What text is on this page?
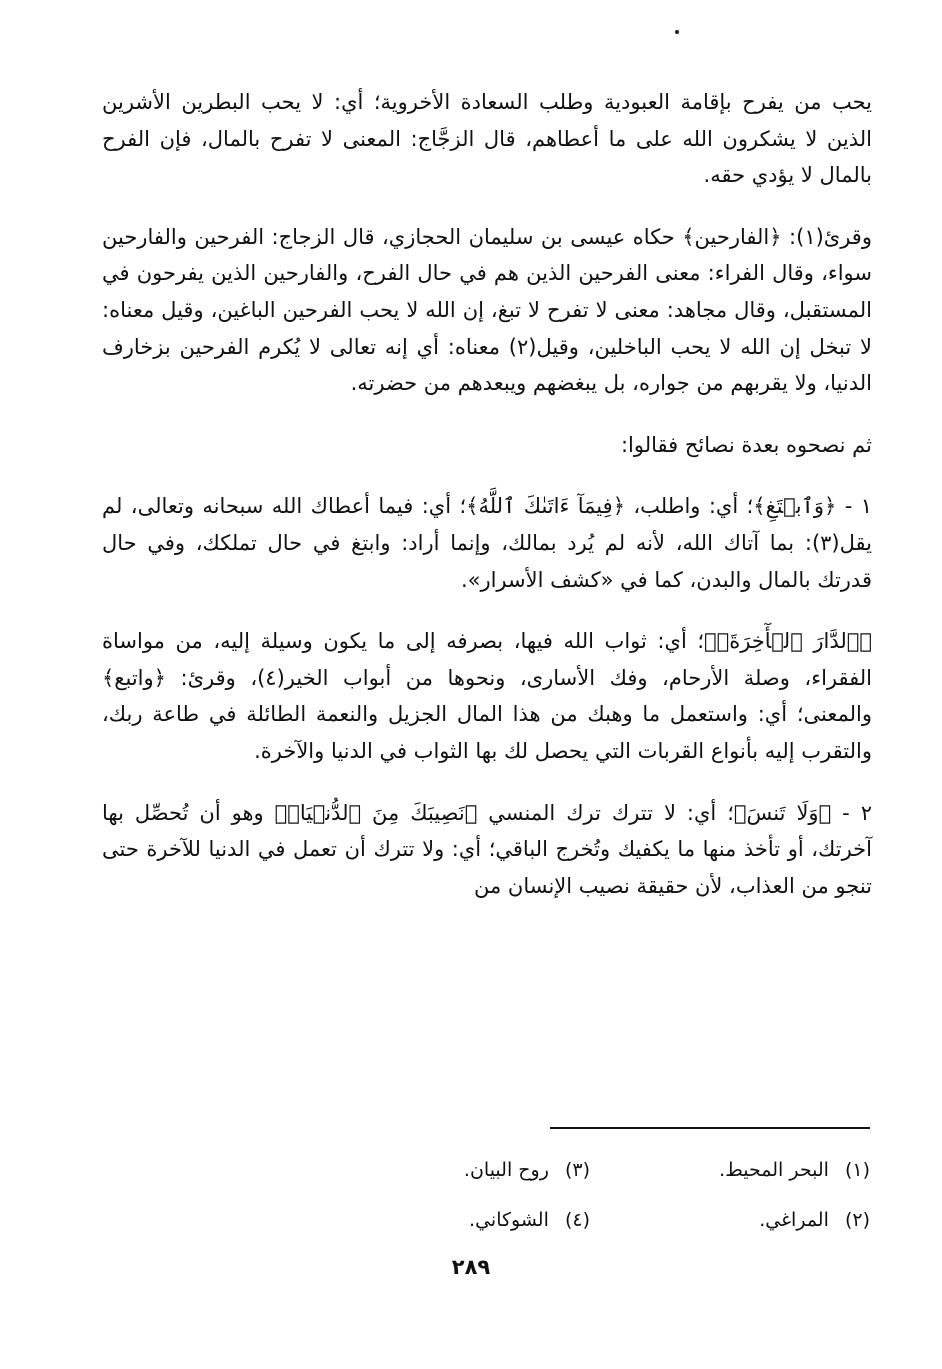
يحب من يفرح بإقامة العبودية وطلب السعادة الأخروية؛ أي: لا يحب البطرين الأشرين الذين لا يشكرون الله على ما أعطاهم، قال الزجَّاج: المعنى لا تفرح بالمال، فإن الفرح بالمال لا يؤدي حقه.

وقرئ(١): ﴿الفارحين﴾ حكاه عيسى بن سليمان الحجازي، قال الزجاج: الفرحين والفارحين سواء، وقال الفراء: معنى الفرحين الذين هم في حال الفرح، والفارحين الذين يفرحون في المستقبل، وقال مجاهد: معنى لا تفرح لا تبغ، إن الله لا يحب الفرحين الباغين، وقيل معناه: لا تبخل إن الله لا يحب الباخلين، وقيل(٢) معناه: أي إنه تعالى لا يُكرم الفرحين بزخارف الدنيا، ولا يقربهم من جواره، بل يبغضهم ويبعدهم من حضرته.

ثم نصحوه بعدة نصائح فقالوا:

١ - ﴿وَٱبۡتَغِ﴾؛ أي: واطلب، ﴿فِيمَآ ءَاتَىٰكَ ٱللَّهُ﴾؛ أي: فيما أعطاك الله سبحانه وتعالى، لم يقل(٣): بما آتاك الله، لأنه لم يُرد بمالك، وإنما أراد: وابتغ في حال تملكك، وفي حال قدرتك بالمال والبدن، كما في «كشف الأسرار».

﴿ٱلدَّارَ ٱلۡأٓخِرَةَۖ﴾؛ أي: ثواب الله فيها، بصرفه إلى ما يكون وسيلة إليه، من مواساة الفقراء، وصلة الأرحام، وفك الأسارى، ونحوها من أبواب الخير(٤)، وقرئ: ﴿واتبع﴾ والمعنى؛ أي: واستعمل ما وهبك من هذا المال الجزيل والنعمة الطائلة في طاعة ربك، والتقرب إليه بأنواع القربات التي يحصل لك بها الثواب في الدنيا والآخرة.

٢ - ﴿وَلَا تَنسَ﴾؛ أي: لا تترك ترك المنسي ﴿نَصِيبَكَ مِنَ ٱلدُّنۡيَاۖ﴾ وهو أن تُحصِّل بها آخرتك، أو تأخذ منها ما يكفيك وتُخرج الباقي؛ أي: ولا تترك أن تعمل في الدنيا للآخرة حتى تنجو من العذاب، لأن حقيقة نصيب الإنسان من

(١) البحر المحيط.
(٣) روح البيان.
(٢) المراغي.
(٤) الشوكاني.
٢٨٩
